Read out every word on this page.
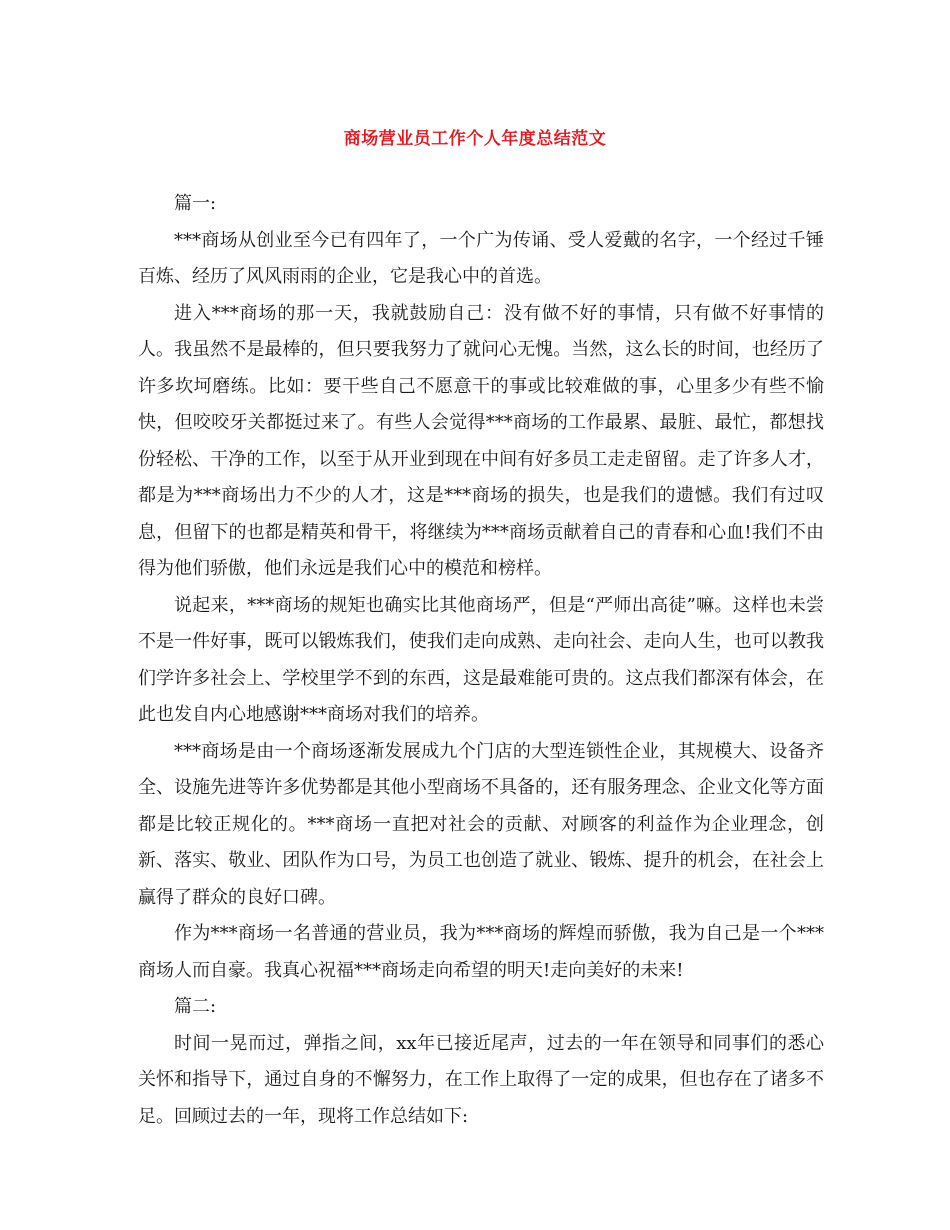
商场营业员工作个人年度总结范文

篇一:

***商场从创业至今已有四年了，一个广为传诵、受人爱戴的名字，一个经过千锤百炼、经历了风风雨雨的企业，它是我心中的首选。

进入***商场的那一天，我就鼓励自己：没有做不好的事情，只有做不好事情的人。我虽然不是最棒的，但只要我努力了就问心无愧。当然，这么长的时间，也经历了许多坎坷磨练。比如：要干些自己不愿意干的事或比较难做的事，心里多少有些不愉快，但咬咬牙关都挺过来了。有些人会觉得***商场的工作最累、最脏、最忙，都想找份轻松、干净的工作，以至于从开业到现在中间有好多员工走走留留。走了许多人才，都是为***商场出力不少的人才，这是***商场的损失，也是我们的遗憾。我们有过叹息，但留下的也都是精英和骨干，将继续为***商场贡献着自己的青春和心血!我们不由得为他们骄傲，他们永远是我们心中的模范和榜样。

说起来，***商场的规矩也确实比其他商场严，但是“严师出高徒”嘛。这样也未尝不是一件好事，既可以锻炼我们，使我们走向成熟、走向社会、走向人生，也可以教我们学许多社会上、学校里学不到的东西，这是最难能可贵的。这点我们都深有体会，在此也发自内心地感谢***商场对我们的培养。

***商场是由一个商场逐渐发展成九个门店的大型连锁性企业，其规模大、设备齐全、设施先进等许多优势都是其他小型商场不具备的，还有服务理念、企业文化等方面都是比较正规化的。***商场一直把对社会的贡献、对顾客的利益作为企业理念，创新、落实、敬业、团队作为口号，为员工也创造了就业、锻炼、提升的机会，在社会上赢得了群众的良好口碑。

作为***商场一名普通的营业员，我为***商场的辉煌而骄傲，我为自己是一个***商场人而自豪。我真心祝福***商场走向希望的明天!走向美好的未来!

篇二:

时间一晃而过，弹指之间，xx年已接近尾声，过去的一年在领导和同事们的悉心关怀和指导下，通过自身的不懈努力，在工作上取得了一定的成果，但也存在了诸多不足。回顾过去的一年，现将工作总结如下:
